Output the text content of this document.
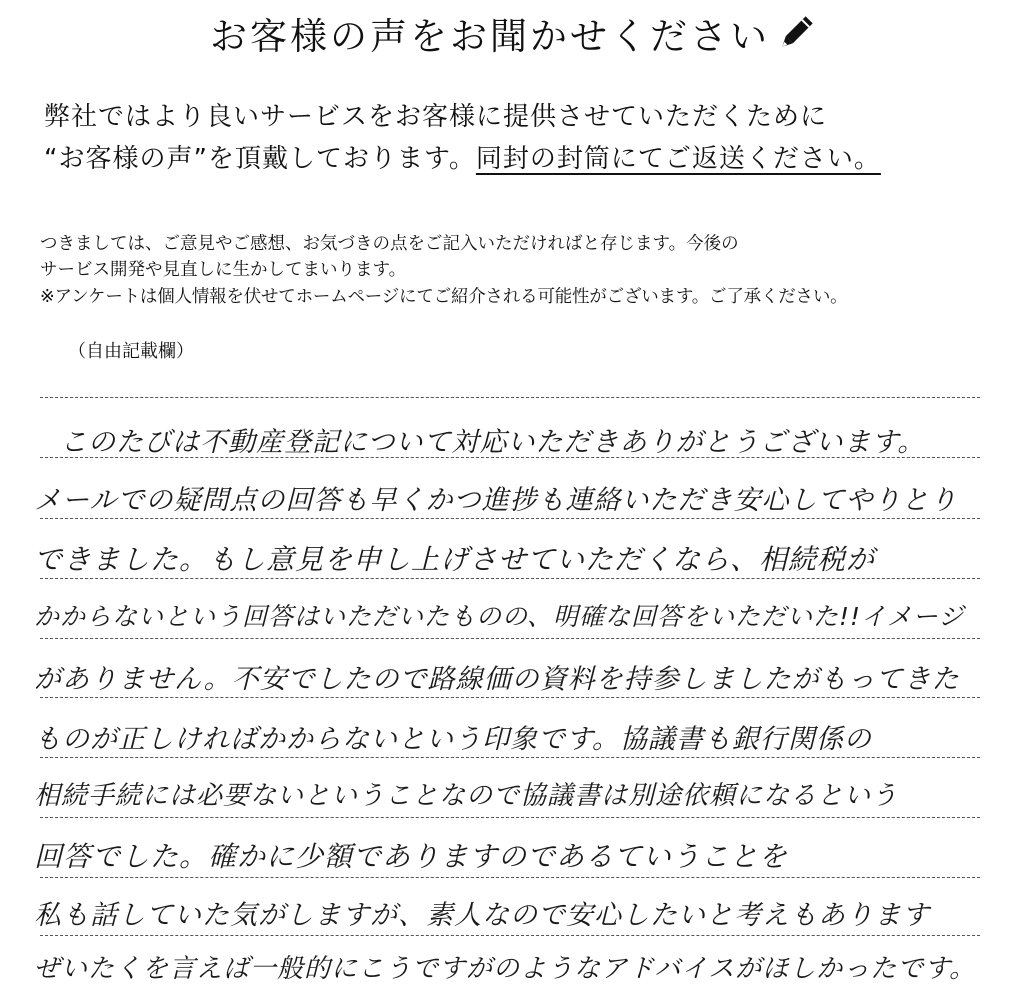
お客様の声をお聞かせください
弊社ではより良いサービスをお客様に提供させていただくために
“お客様の声”を頂戴しております。同封の封筒にてご返送ください。
つきましては、ご意見やご感想、お気づきの点をご記入いただければと存じます。今後の
サービス開発や見直しに生かしてまいります。
※アンケートは個人情報を伏せてホームページにてご紹介される可能性がございます。ご了承ください。
（自由記載欄）
このたびは不動産登記について対応いただきありがとうございます。
メールでの疑問点の回答も早くかつ進捗も連絡いただき安心してやりとり
できました。もし意見を申し上げさせていただくなら、相続税が
かからないという回答はいただいたものの、明確な回答をいただいた!!イメージ
がありません。不安でしたので路線価の資料を持参しましたがもってきた
ものが正しければかからないという印象です。協議書も銀行関係の
相続手続には必要ないということなので協議書は別途依頼になるという
回答でした。確かに少額でありますのであるていうことを
私も話していた気がしますが、素人なので安心したいと考えもあります
ぜいたくを言えば一般的にこうですがのようなアドバイスがほしかったです。
